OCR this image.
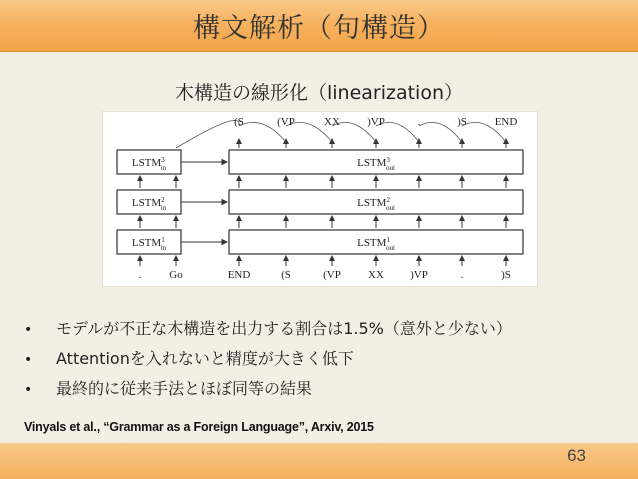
構文解析（句構造）
木構造の線形化（linearization）
LSTM$^3$ in	LSTM$^3$ out
LSTM$^2$ in	LSTM$^2$ out
LSTM$^1$ in	LSTM$^1$ out
(S	(VP	XX )VP	.	)S	END
.	Go	END	(S	(VP XX )VP	.	)S
• モデルが不正な木構造を出力する割合は1.5%（意外と少ない）
• Attentionを入れないと精度が大きく低下
• 最終的に従来手法とほぼ同等の結果
Vinyals et al., “Grammar as a Foreign Language”, Arxiv, 2015
63
